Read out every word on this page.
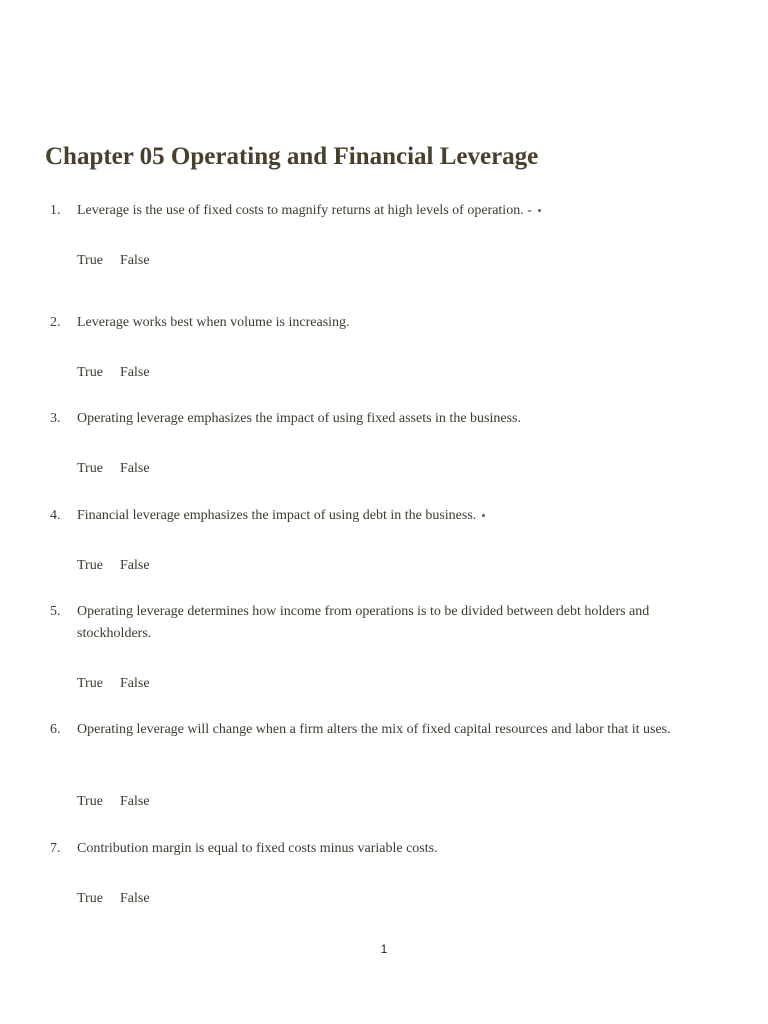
Chapter 05 Operating and Financial Leverage
1. Leverage is the use of fixed costs to magnify returns at high levels of operation. -
True False
2. Leverage works best when volume is increasing.
True False
3. Operating leverage emphasizes the impact of using fixed assets in the business.
True False
4. Financial leverage emphasizes the impact of using debt in the business.
True False
5. Operating leverage determines how income from operations is to be divided between debt holders and stockholders.
True False
6. Operating leverage will change when a firm alters the mix of fixed capital resources and labor that it uses.
True False
7. Contribution margin is equal to fixed costs minus variable costs.
True False
1
